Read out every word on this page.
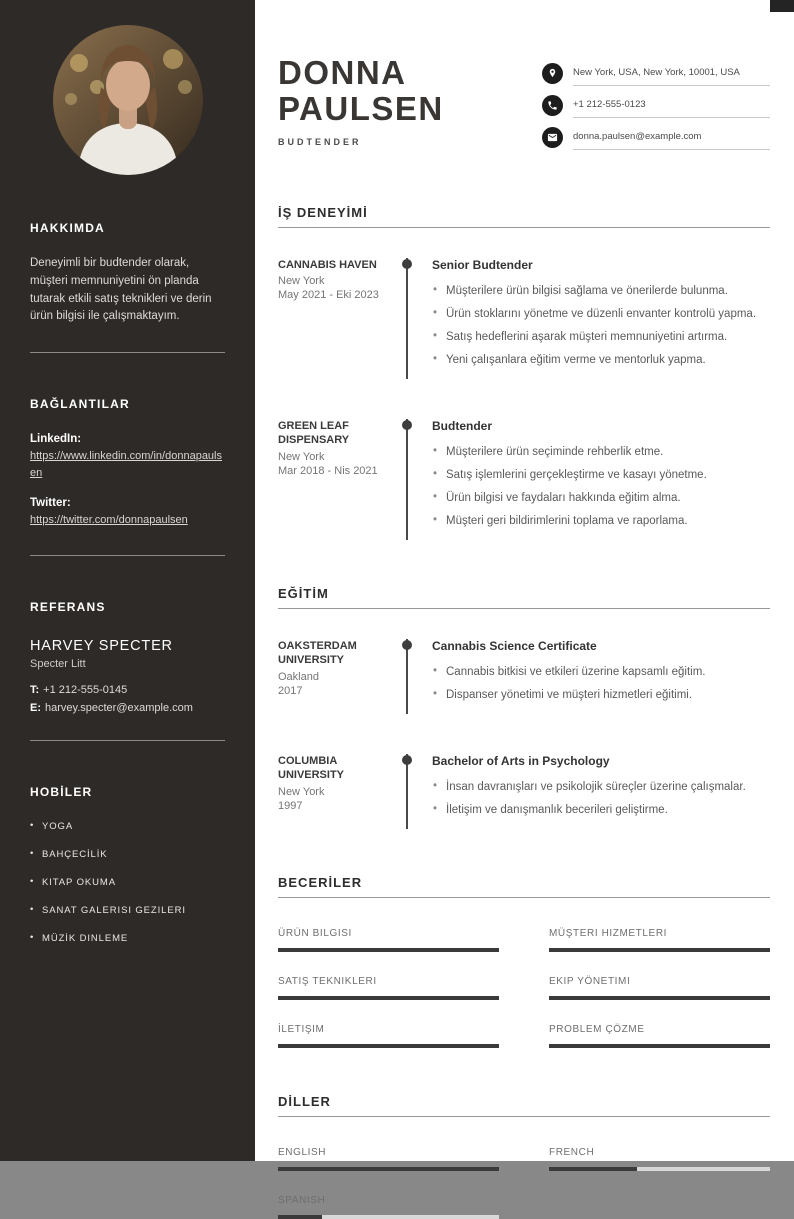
HAKKIMDA

Deneyimli bir budtender olarak, müşteri memnuniyetini ön planda tutarak etkili satış teknikleri ve derin ürün bilgisi ile çalışmaktayım.

BAĞLANTILAR
LinkedIn:
https://www.linkedin.com/in/donnapaulsen
Twitter:
https://twitter.com/donnapaulsen
REFERANS
HARVEY SPECTER
Specter Litt
T: +1 212-555-0145
E: harvey.specter@example.com
HOBİLER
• YOGA
• BAHÇECİLİK
• KITAP OKUMA
• SANAT GALERISI GEZILERI
• MÜZİK DINLEME
DONNA
PAULSEN
BUDTENDER
New York, USA, New York, 10001, USA
+1 212-555-0123
donna.paulsen@example.com
İŞ DENEYİMİ
CANNABIS HAVEN
New York
May 2021 - Eki 2023
Senior Budtender
• Müşterilere ürün bilgisi sağlama ve önerilerde bulunma.
• Ürün stoklarını yönetme ve düzenli envanter kontrolü yapma.
• Satış hedeflerini aşarak müşteri memnuniyetini artırma.
• Yeni çalışanlara eğitim verme ve mentorluk yapma.
GREEN LEAF DISPENSARY
New York
Mar 2018 - Nis 2021
Budtender
• Müşterilere ürün seçiminde rehberlik etme.
• Satış işlemlerini gerçekleştirme ve kasayı yönetme.
• Ürün bilgisi ve faydaları hakkında eğitim alma.
• Müşteri geri bildirimlerini toplama ve raporlama.
EĞİTİM
OAKSTERDAM UNIVERSITY
Oakland
2017
Cannabis Science Certificate
• Cannabis bitkisi ve etkileri üzerine kapsamlı eğitim.
• Dispanser yönetimi ve müşteri hizmetleri eğitimi.
COLUMBIA UNIVERSITY
New York
1997
Bachelor of Arts in Psychology
• İnsan davranışları ve psikolojik süreçler üzerine çalışmalar.
• İletişim ve danışmanlık becerileri geliştirme.
BECERİLER
ÜRÜN BILGISI
SATIŞ TEKNIKLERI
İLETIŞIM
MÜŞTERI HIZMETLERI
EKIP YÖNETIMI
PROBLEM ÇÖZME
DİLLER
ENGLISH
SPANISH
FRENCH
